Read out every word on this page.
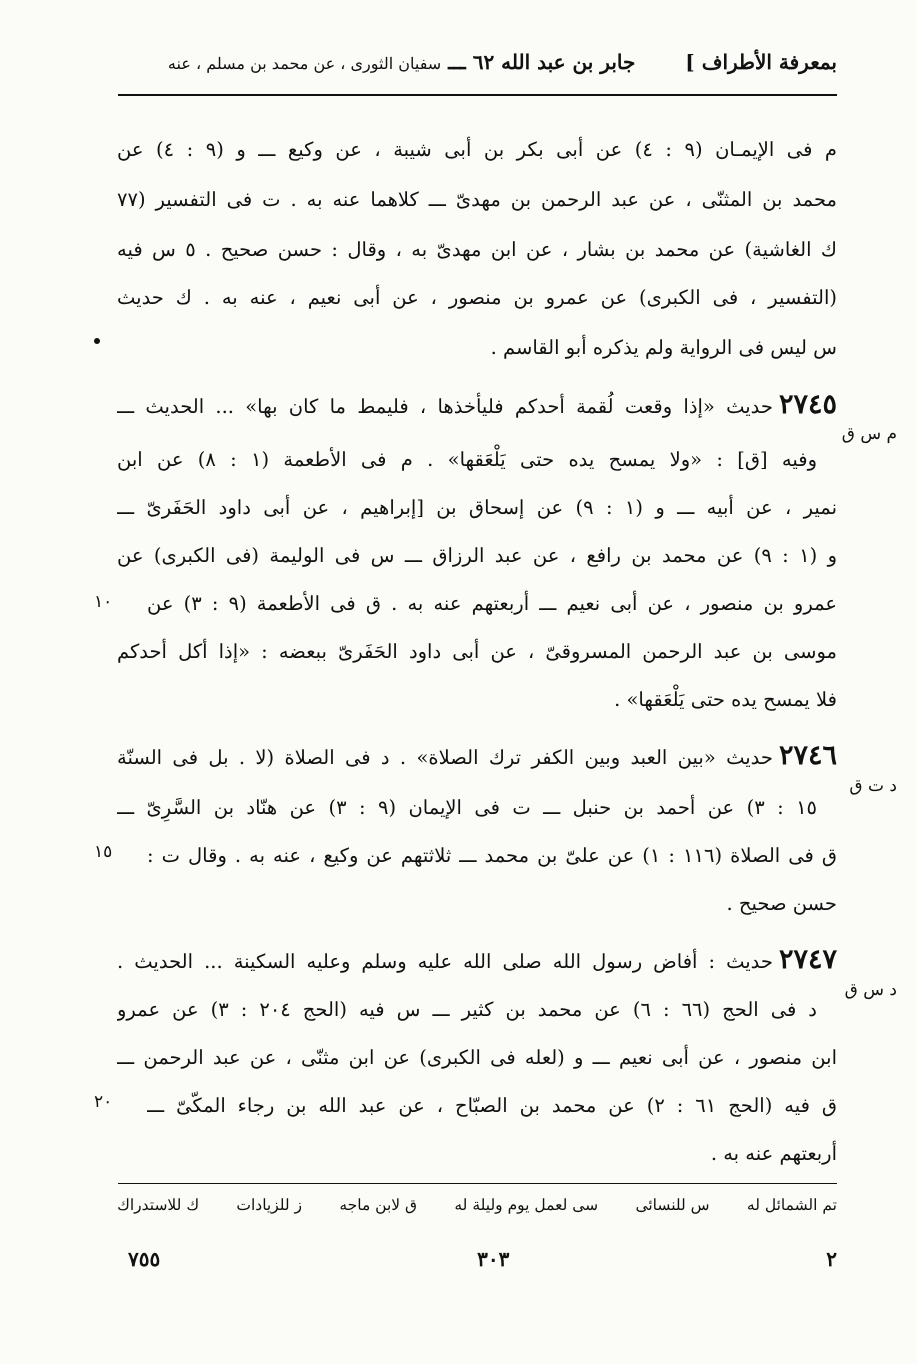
بمعرفة الأطراف ]
جابر بن عبد الله ٦٢ ـــ سفيان الثورى ، عن محمد بن مسلم ، عنه
م فى الإيمـان (٩ : ٤) عن أبى بكر بن أبى شيبة ، عن وكيع ـــ و (٩ : ٤) عن
محمد بن المثنّى ، عن عبد الرحمن بن مهدىّ ـــ كلاهما عنه به . ت فى التفسير (٧٧
ك الغاشية) عن محمد بن بشار ، عن ابن مهدىّ به ، وقال : حسن صحيح . ٥ س فيه
(التفسير ، فى الكبرى) عن عمرو بن منصور ، عن أبى نعيم ، عنه به . ك حديث
س ليس فى الرواية ولم يذكره أبو القاسم .
٢٧٤٥حديث «إذا وقعت لُقمة أحدكم فليأخذها ، فليمط ما كان بها» ... الحديث ـــ
م س ق
وفيه [ق] : «ولا يمسح يده حتى يَلْعَقها» . م فى الأطعمة (١ : ٨) عن ابن
نمير ، عن أبيه ـــ و (١ : ٩) عن إسحاق بن [إبراهيم ، عن أبى داود الحَفَرىّ ـــ
و (١ : ٩) عن محمد بن رافع ، عن عبد الرزاق ـــ س فى الوليمة (فى الكبرى) عن
عمرو بن منصور ، عن أبى نعيم ـــ أربعتهم عنه به . ق فى الأطعمة (٩ : ٣) عن
١٠
موسى بن عبد الرحمن المسروقىّ ، عن أبى داود الحَفَرىّ ببعضه : «إذا أكل أحدكم
فلا يمسح يده حتى يَلْعَقها» .
٢٧٤٦حديث «بين العبد وبين الكفر ترك الصلاة» . د فى الصلاة (لا . بل فى السنّة
د ت ق
١٥ : ٣) عن أحمد بن حنبل ـــ ت فى الإيمان (٩ : ٣) عن هنّاد بن السَّرِىّ ـــ
ق فى الصلاة (١١٦ : ١) عن علىّ بن محمد ـــ ثلاثتهم عن وكيع ، عنه به . وقال ت :
١٥
حسن صحيح .
٢٧٤٧حديث : أفاض رسول الله صلى الله عليه وسلم وعليه السكينة ... الحديث .
د س ق
د فى الحج (٦٦ : ٦) عن محمد بن كثير ـــ س فيه (الحج ٢٠٤ : ٣) عن عمرو
ابن منصور ، عن أبى نعيم ـــ و (لعله فى الكبرى) عن ابن مثنّى ، عن عبد الرحمن ـــ
ق فيه (الحج ٦١ : ٢) عن محمد بن الصبّاح ، عن عبد الله بن رجاء المكّىّ ـــ
٢٠
أربعتهم عنه به .
تم الشمائل له
س للنسائى
سى لعمل يوم وليلة له
ق لابن ماجه
ز للزيادات
ك للاستدراك
٢
٣٠٣
٧٥٥
